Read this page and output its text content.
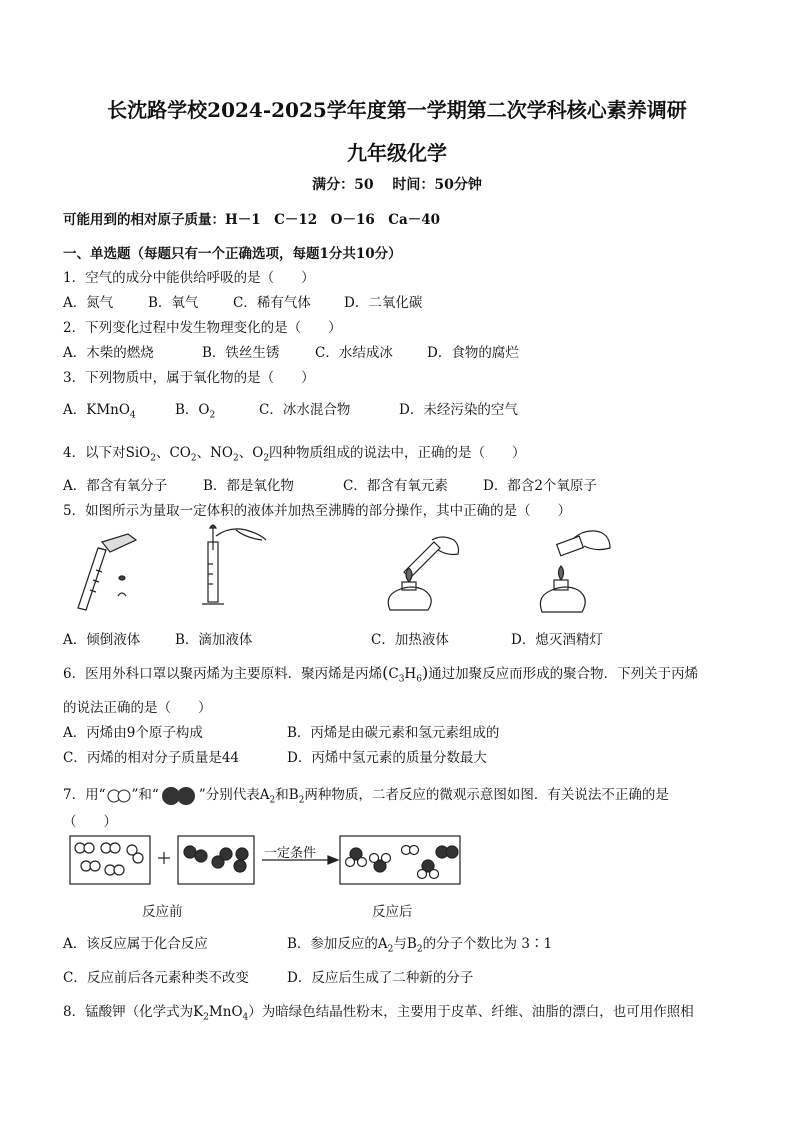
长沈路学校2024-2025学年度第一学期第二次学科核心素养调研
九年级化学
满分：50　 时间：50分钟
可能用到的相对原子质量：H－1　C－12　O－16　Ca－40
一、单选题（每题只有一个正确选项，每题1分共10分）
1．空气的成分中能供给呼吸的是（　　）
A．氮气	B．氧气	C．稀有气体 D．二氧化碳
2．下列变化过程中发生物理变化的是（　　）
A．木柴的燃烧	B．铁丝生锈	C．水结成冰	D．食物的腐烂
3．下列物质中，属于氧化物的是（　　）
A．KMnO$_4$	B．$O_2$	C．冰水混合物	D．未经污染的空气
4．以下对SiO$_2$、$CO_2$、$NO_2$、$O_2$四种物质组成的说法中，正确的是（　　）
A．都含有氧分子	B．都是氧化物	C．都含有氧元素	D．都含2个氧原子
5．如图所示为量取一定体积的液体并加热至沸腾的部分操作，其中正确的是（　　）
A．倾倒液体	B．滴加液体	C．加热液体	D．熄灭酒精灯
6．医用外科口罩以聚丙烯为主要原料．聚丙烯是丙烯$(C_3H_6)$通过加聚反应而形成的聚合物．下列关于丙烯
的说法正确的是（　　）
A．丙烯由9个原子构成	B．丙烯是由碳元素和氢元素组成的
C．丙烯的相对分子质量是44	D．丙烯中氢元素的质量分数最大
7．用“ ”和“	”分别代表$A_2$和$B_2$两种物质，二者反应的微观示意图如图．有关说法不正确的是
（　　）
一定条件
反应前	反应后
A．该反应属于化合反应	B．参加反应的$A_2$与$B_2$的分子个数比为 3∶1
C．反应前后各元素种类不改变	D．反应后生成了二种新的分子
8．锰酸钾（化学式为$K_2MnO_4$）为暗绿色结晶性粉末，主要用于皮革、纤维、油脂的漂白，也可用作照相
